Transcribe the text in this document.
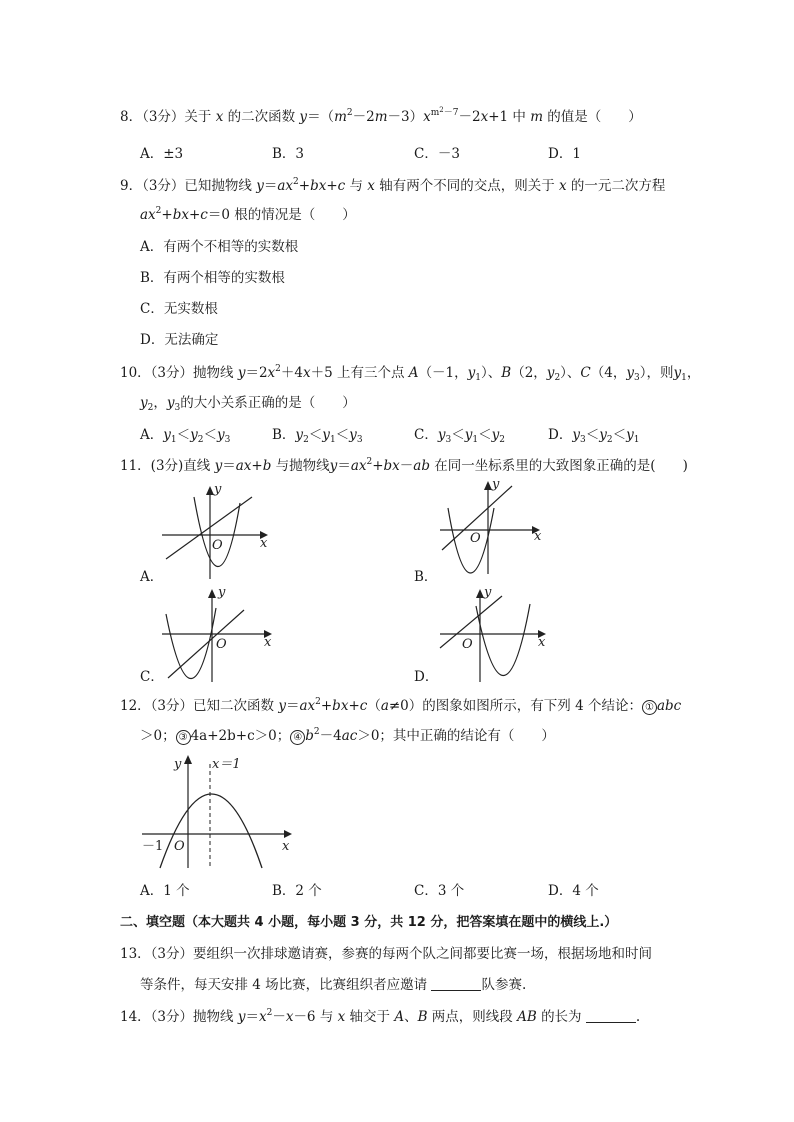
8．（3分）关于 x 的二次函数 $y=(m^2-2m-3)x^{m^2-7}-2x+1$ 中 m 的值是（　　）
A．±3	B．3	C．－3	D．1
9．（3分）已知抛物线 $y=ax^2+bx+c$ 与 x 轴有两个不同的交点，则关于 x 的一元二次方程
$ax^2+bx+c=0$ 根的情况是（　　）
A．有两个不相等的实数根
B．有两个相等的实数根
C．无实数根
D．无法确定
10．（3分）抛物线 $y=2x^2+4x+5$ 上有三个点 A（－1，$y_1$）、B（2，$y_2$）、C（4，$y_3$），则$y_1$，
$y_2$，$y_3$的大小关系正确的是（　　）
A．$y_1<y_2<y_3$	B．$y_2<y_1<y_3$	C．$y_3<y_1<y_2$	D．$y_3<y_2<y_1$
11．(3分)直线 y＝ax+b 与抛物线$y=ax^2+bx-ab$ 在同一坐标系里的大致图象正确的是(　　)
y
x
O
A．
y
x
O
B．
y
x
O
C．
y
x
O
D．
12．（3分）已知二次函数 $y=ax^2+bx+c(a\ne 0)$的图象如图所示，有下列 4 个结论： ① abc
＞0； ③ 4a+2b+c＞0； ④ $b^2-4ac>0$；其中正确的结论有（　　）
y x＝1
－1 O	x
A．1 个	B．2 个	C．3 个	D．4 个
二、填空题（本大题共 4 小题，每小题 3 分，共 12 分，把答案填在题中的横线上.）
13．（3分）要组织一次排球邀请赛，参赛的每两个队之间都要比赛一场，根据场地和时间
等条件，每天安排 4 场比赛，比赛组织者应邀请	队参赛.
14．（3分）抛物线 $y=x^2-x-6$ 与 x 轴交于 A、B 两点，则线段 AB 的长为	.
